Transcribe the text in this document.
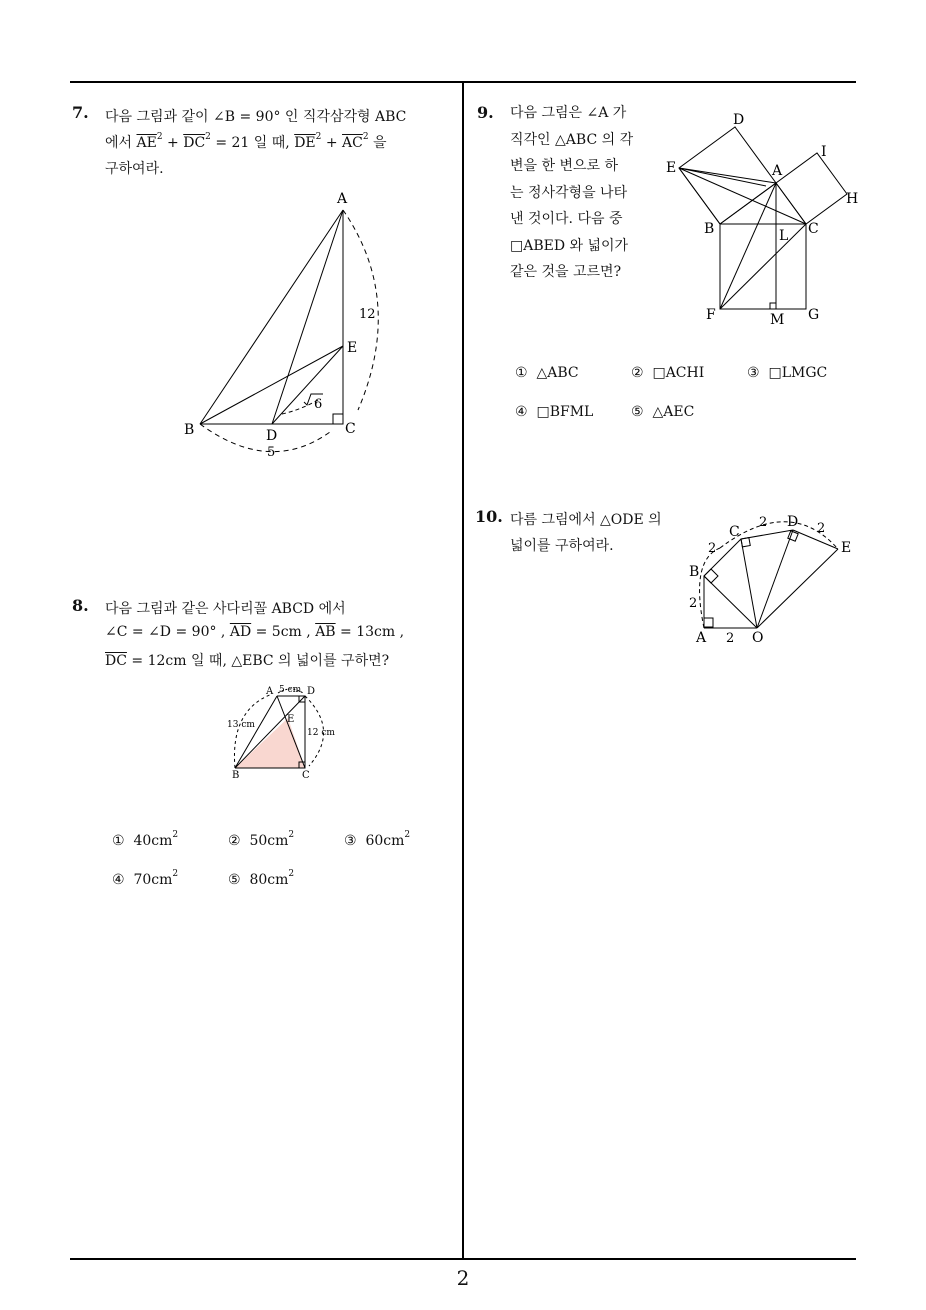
7. 다음 그림과 같이 ∠B = 90° 인 직각삼각형 ABC
에서 $\overline{AE}^2 + \overline{DC}^2 = 21$ 일 때, $\overline{DE}^2 + \overline{AC}^2$ 을
구하여라.
A
B	C
D
E
12
5
6
8. 다음 그림과 같은 사다리꼴 ABCD 에서
∠C = ∠D = 90° , $\overline{AD} = 5cm$ , $\overline{AB} = 13cm$ ,
$\overline{DC} = 12cm$ 일 때, △EBC 의 넓이를 구하면?
A	D
B	C
E
5 cm
13 cm
12 cm
① $40cm^2$	② $50cm^2$	③ $60cm^2$
④ $70cm^2$	⑤ $80cm^2$
9. 다음 그림은 ∠A 가
직각인 △ABC 의 각
변을 한 변으로 하
는 정사각형을 나타
낸 것이다. 다음 중
□ABED 와 넓이가
같은 것을 고르면?
D
E	A
I
H
B	C
L
F	M G
① △ABC	② □ACHI	③ □LMGC
④ □BFML	⑤ △AEC
10. 다름 그림에서 △ODE 의
넓이를 구하여라.
A	O
B
C
D
E
2
2
2
2	2
2
